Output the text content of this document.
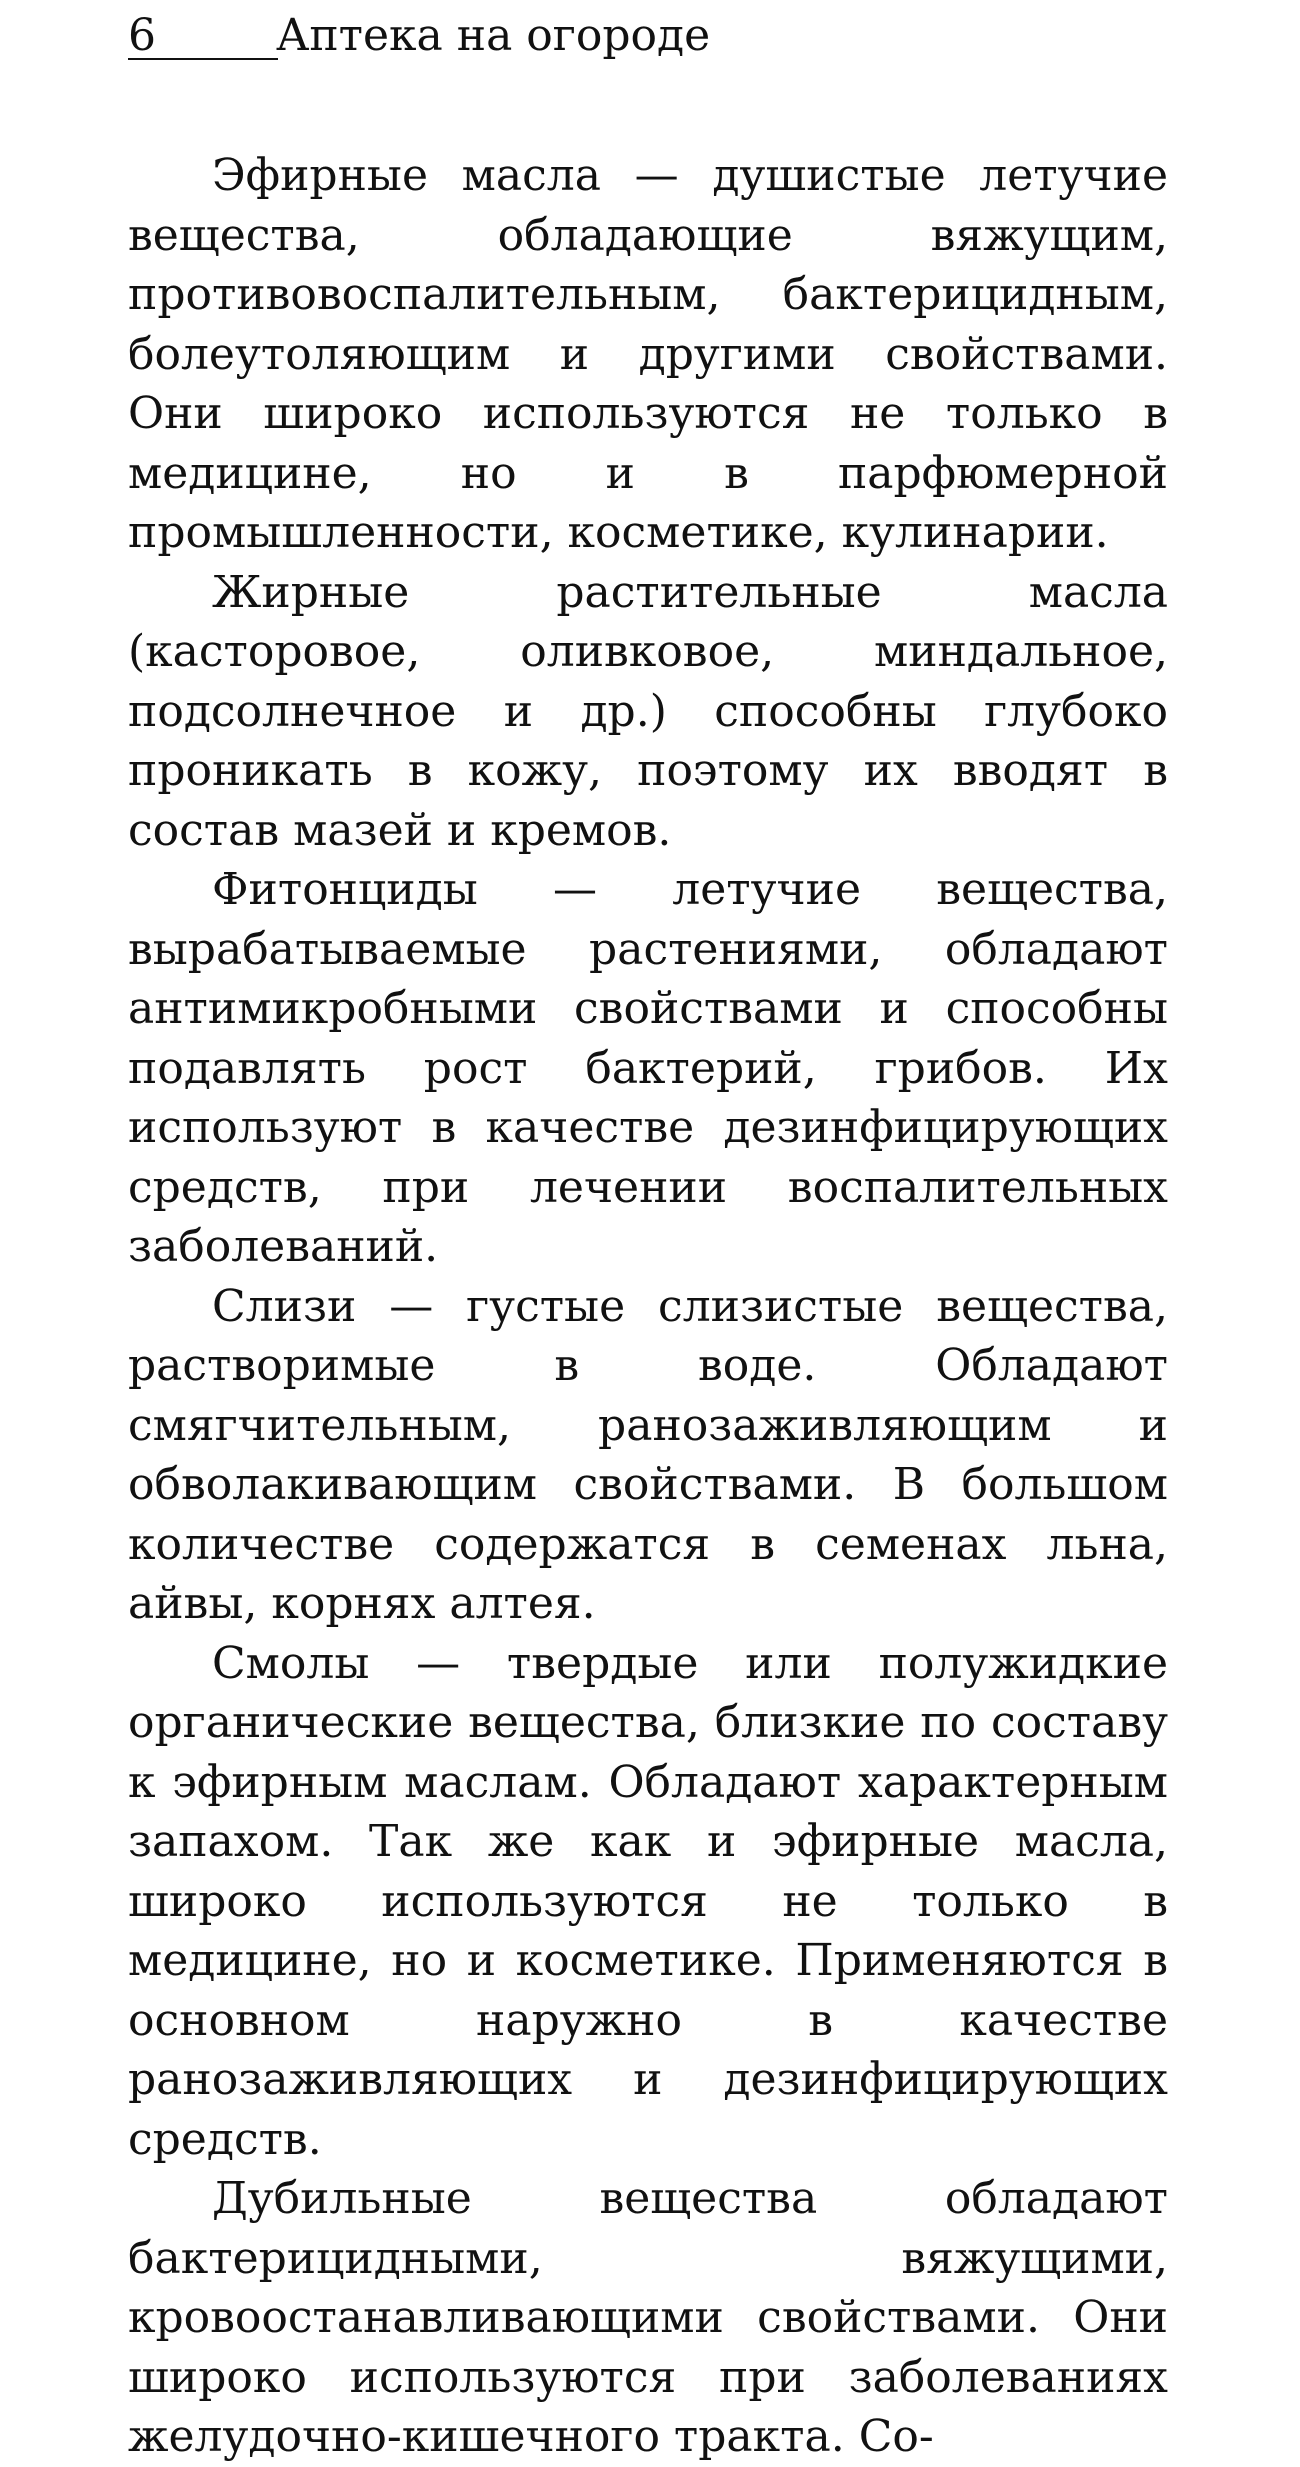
6	Аптека на огороде

Эфирные масла — душистые летучие вещества, обладающие вяжущим, противовоспалительным, бактерицидным, болеутоляющим и другими свойствами. Они широко используются не только в медицине, но и в парфюмерной промышленности, косметике, кулинарии.

Жирные растительные масла (касторовое, оливковое, миндальное, подсолнечное и др.) способны глубоко проникать в кожу, поэтому их вводят в состав мазей и кремов.

Фитонциды — летучие вещества, вырабатываемые растениями, обладают антимикробными свойствами и способны подавлять рост бактерий, грибов. Их используют в качестве дезинфицирующих средств, при лечении воспалительных заболеваний.

Слизи — густые слизистые вещества, растворимые в воде. Обладают смягчительным, ранозаживляющим и обволакивающим свойствами. В большом количестве содержатся в семенах льна, айвы, корнях алтея.

Смолы — твердые или полужидкие органические вещества, близкие по составу к эфирным маслам. Обладают характерным запахом. Так же как и эфирные масла, широко используются не только в медицине, но и косметике. Применяются в основном наружно в качестве ранозаживляющих и дезинфицирующих средств.

Дубильные вещества обладают бактерицидными, вяжущими, кровоостанавливающими свойствами. Они широко используются при заболеваниях желудочно-кишечного тракта. Со-
